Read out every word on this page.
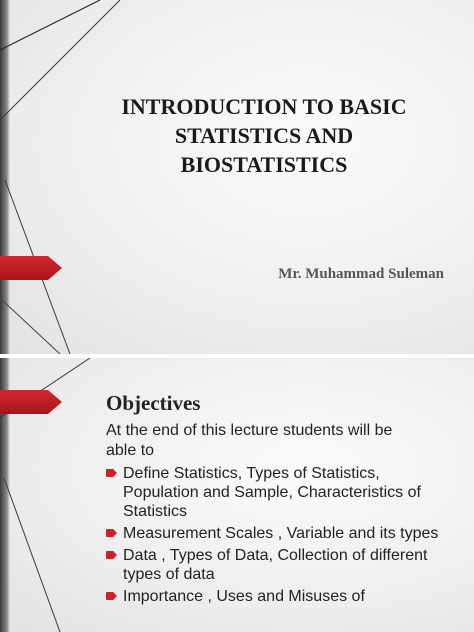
INTRODUCTION TO BASIC
STATISTICS AND
BIOSTATISTICS

Mr. Muhammad Suleman

Objectives

At the end of this lecture students will be able to

Define Statistics, Types of Statistics, Population and Sample, Characteristics of Statistics
Measurement Scales , Variable and its types
Data , Types of Data, Collection of different types of data
Importance , Uses and Misuses of
